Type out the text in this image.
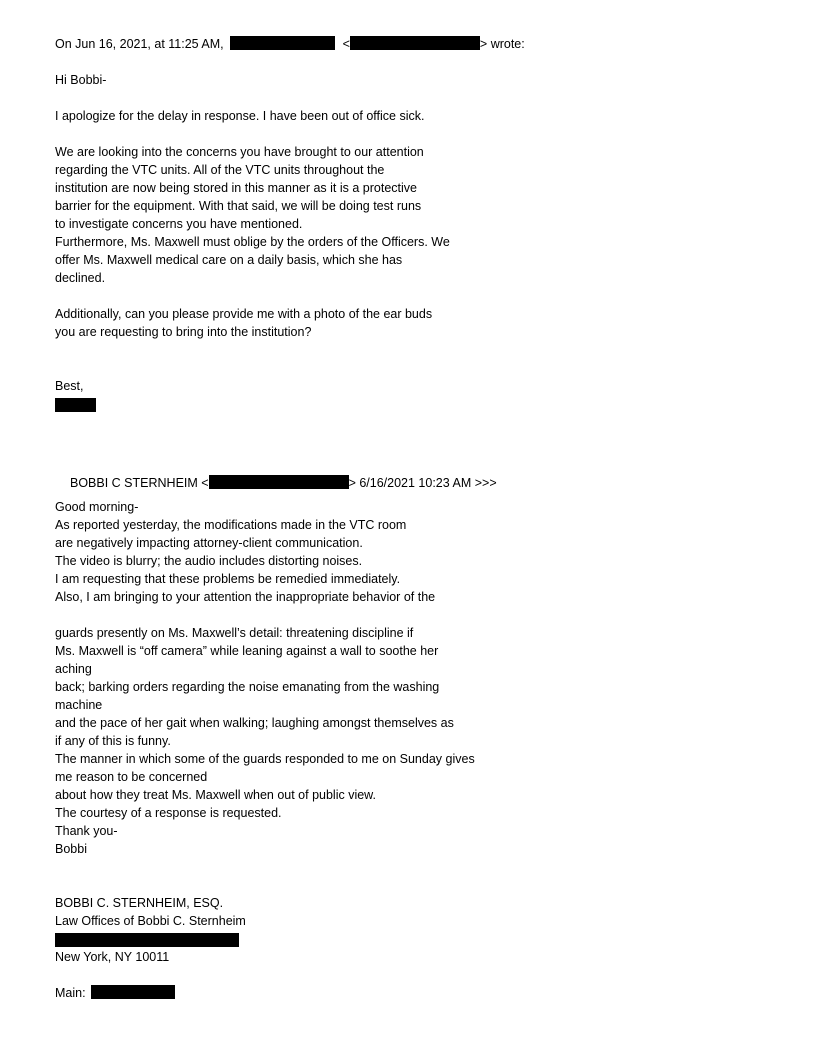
On Jun 16, 2021, at 11:25 AM,	<	> wrote:
Hi Bobbi-
I apologize for the delay in response. I have been out of office sick.
We are looking into the concerns you have brought to our attention
regarding the VTC units. All of the VTC units throughout the
institution are now being stored in this manner as it is a protective
barrier for the equipment. With that said, we will be doing test runs
to investigate concerns you have mentioned.
Furthermore, Ms. Maxwell must oblige by the orders of the Officers. We
offer Ms. Maxwell medical care on a daily basis, which she has
declined.
Additionally, can you please provide me with a photo of the ear buds
you are requesting to bring into the institution?
Best,
BOBBI C STERNHEIM <	> 6/16/2021 10:23 AM >>>
Good morning-
As reported yesterday, the modifications made in the VTC room
are negatively impacting attorney-client communication.
The video is blurry; the audio includes distorting noises.
I am requesting that these problems be remedied immediately.
Also, I am bringing to your attention the inappropriate behavior of the
guards presently on Ms. Maxwell’s detail: threatening discipline if
Ms. Maxwell is “off camera” while leaning against a wall to soothe her
aching
back; barking orders regarding the noise emanating from the washing
machine
and the pace of her gait when walking; laughing amongst themselves as
if any of this is funny.
The manner in which some of the guards responded to me on Sunday gives
me reason to be concerned
about how they treat Ms. Maxwell when out of public view.
The courtesy of a response is requested.
Thank you-
Bobbi
BOBBI C. STERNHEIM, ESQ.
Law Offices of Bobbi C. Sternheim
New York, NY 10011
Main:
